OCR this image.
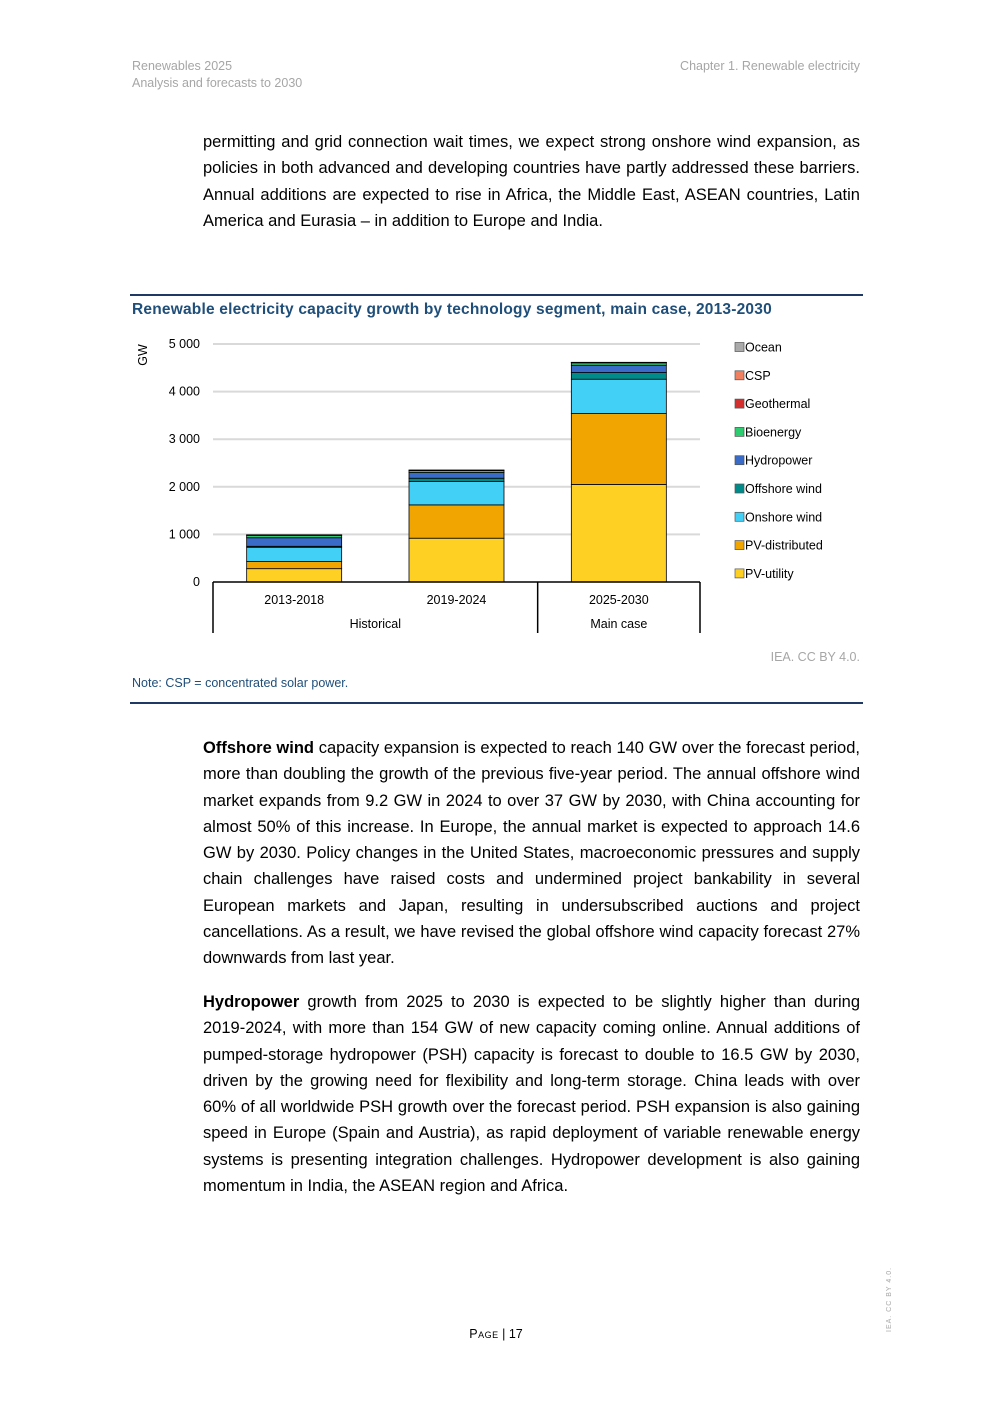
Renewables 2025
Analysis and forecasts to 2030
Chapter 1. Renewable electricity

permitting and grid connection wait times, we expect strong onshore wind expansion, as policies in both advanced and developing countries have partly addressed these barriers. Annual additions are expected to rise in Africa, the Middle East, ASEAN countries, Latin America and Eurasia – in addition to Europe and India.

Renewable electricity capacity growth by technology segment, main case, 2013-2030
0
1 000
2 000
3 000
4 000
5 000
GW
2013-2018	2019-2024	2025-2030
Historical	Main case
Ocean
CSP
Geothermal
Bioenergy
Hydropower
Offshore wind
Onshore wind
PV-distributed
PV-utility
IEA. CC BY 4.0.
Note: CSP = concentrated solar power.

Offshore wind capacity expansion is expected to reach 140 GW over the forecast period, more than doubling the growth of the previous five-year period. The annual offshore wind market expands from 9.2 GW in 2024 to over 37 GW by 2030, with China accounting for almost 50% of this increase. In Europe, the annual market is expected to approach 14.6 GW by 2030. Policy changes in the United States, macroeconomic pressures and supply chain challenges have raised costs and undermined project bankability in several European markets and Japan, resulting in undersubscribed auctions and project cancellations. As a result, we have revised the global offshore wind capacity forecast 27% downwards from last year.

Hydropower growth from 2025 to 2030 is expected to be slightly higher than during 2019-2024, with more than 154 GW of new capacity coming online. Annual additions of pumped-storage hydropower (PSH) capacity is forecast to double to 16.5 GW by 2030, driven by the growing need for flexibility and long-term storage. China leads with over 60% of all worldwide PSH growth over the forecast period. PSH expansion is also gaining speed in Europe (Spain and Austria), as rapid deployment of variable renewable energy systems is presenting integration challenges. Hydropower development is also gaining momentum in India, the ASEAN region and Africa.

Page | 17
IEA. CC BY 4.0.
